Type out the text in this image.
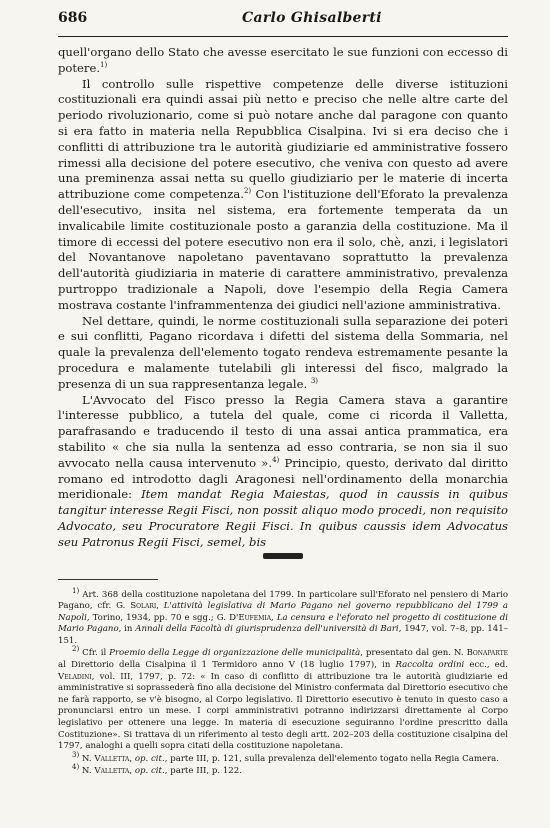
686	Carlo Ghisalberti

quell'organo dello Stato che avesse esercitato le sue funzioni con eccesso di potere.$^{1)}$

Il controllo sulle rispettive competenze delle diverse istituzioni costituzionali era quindi assai più netto e preciso che nelle altre carte del periodo rivoluzionario, come si può notare anche dal paragone con quanto si era fatto in materia nella Repubblica Cisalpina. Ivi si era deciso che i conflitti di attribuzione tra le autorità giudiziarie ed amministrative fossero rimessi alla decisione del potere esecutivo, che veniva con questo ad avere una preminenza assai netta su quello giudiziario per le materie di incerta attribuzione come competenza.$^{2)}$ Con l'istituzione dell'Eforato la prevalenza dell'esecutivo, insita nel sistema, era fortemente temperata da un invalicabile limite costituzionale posto a garanzia della costituzione. Ma il timore di eccessi del potere esecutivo non era il solo, chè, anzi, i legislatori del Novantanove napoletano paventavano soprattutto la prevalenza dell'autorità giudiziaria in materie di carattere amministrativo, prevalenza purtroppo tradizionale a Napoli, dove l'esempio della Regia Camera mostrava costante l'inframmentenza dei giudici nell'azione amministrativa.

Nel dettare, quindi, le norme costituzionali sulla separazione dei poteri e sui conflitti, Pagano ricordava i difetti del sistema della Sommaria, nel quale la prevalenza dell'elemento togato rendeva estremamente pesante la procedura e malamente tutelabili gli interessi del fisco, malgrado la presenza di un sua rappresentanza legale. $^{3)}$

L'Avvocato del Fisco presso la Regia Camera stava a garantire l'interesse pubblico, a tutela del quale, come ci ricorda il Valletta, parafrasando e traducendo il testo di una assai antica prammatica, era stabilito « che sia nulla la sentenza ad esso contraria, se non sia il suo avvocato nella causa intervenuto ».$^{4)}$ Principio, questo, derivato dal diritto romano ed introdotto dagli Aragonesi nell'ordinamento della monarchia meridionale: Item mandat Regia Maiestas, quod in caussis in quibus tangitur interesse Regii Fisci, non possit aliquo modo procedi, non requisito Advocato, seu Procuratore Regii Fisci. In quibus caussis idem Advocatus seu Patronus Regii Fisci, semel, bis

$^{1)}$ Art. 368 della costituzione napoletana del 1799. In particolare sull'Eforato nel pensiero di Mario Pagano, cfr. G. Solari, L'attività legislativa di Mario Pagano nel governo repubblicano del 1799 a Napoli, Torino, 1934, pp. 70 e sgg.; G. D'Eufemia, La censura e l'eforato nel progetto di costituzione di Mario Pagano, in Annali della Facoltà di giurisprudenza dell'università di Bari, 1947, vol. 7–8, pp. 141–151.

$^{2)}$ Cfr. il Proemio della Legge di organizzazione delle municipalità, presentato dal gen. N. Bonaparte al Direttorio della Cisalpina il 1 Termidoro anno V (18 luglio 1797), in Raccolta ordini ecc., ed. Veladini, vol. III, 1797, p. 72: « In caso di conflitto di attribuzione tra le autorità giudiziarie ed amministrative si soprassederà fino alla decisione del Ministro confermata dal Direttorio esecutivo che ne farà rapporto, se v'è bisogno, al Corpo legislativo. Il Direttorio esecutivo è tenuto in questo caso a pronunciarsi entro un mese. I corpi amministrativi potranno indirizzarsi direttamente al Corpo legislativo per ottenere una legge. In materia di esecuzione seguiranno l'ordine prescritto dalla Costituzione». Si trattava di un riferimento al testo degli artt. 202–203 della costituzione cisalpina del 1797, analoghi a quelli sopra citati della costituzione napoletana.

$^{3)}$ N. Valletta, op. cit., parte III, p. 121, sulla prevalenza dell'elemento togato nella Regia Camera.

$^{4)}$ N. Valletta, op. cit., parte III, p. 122.
